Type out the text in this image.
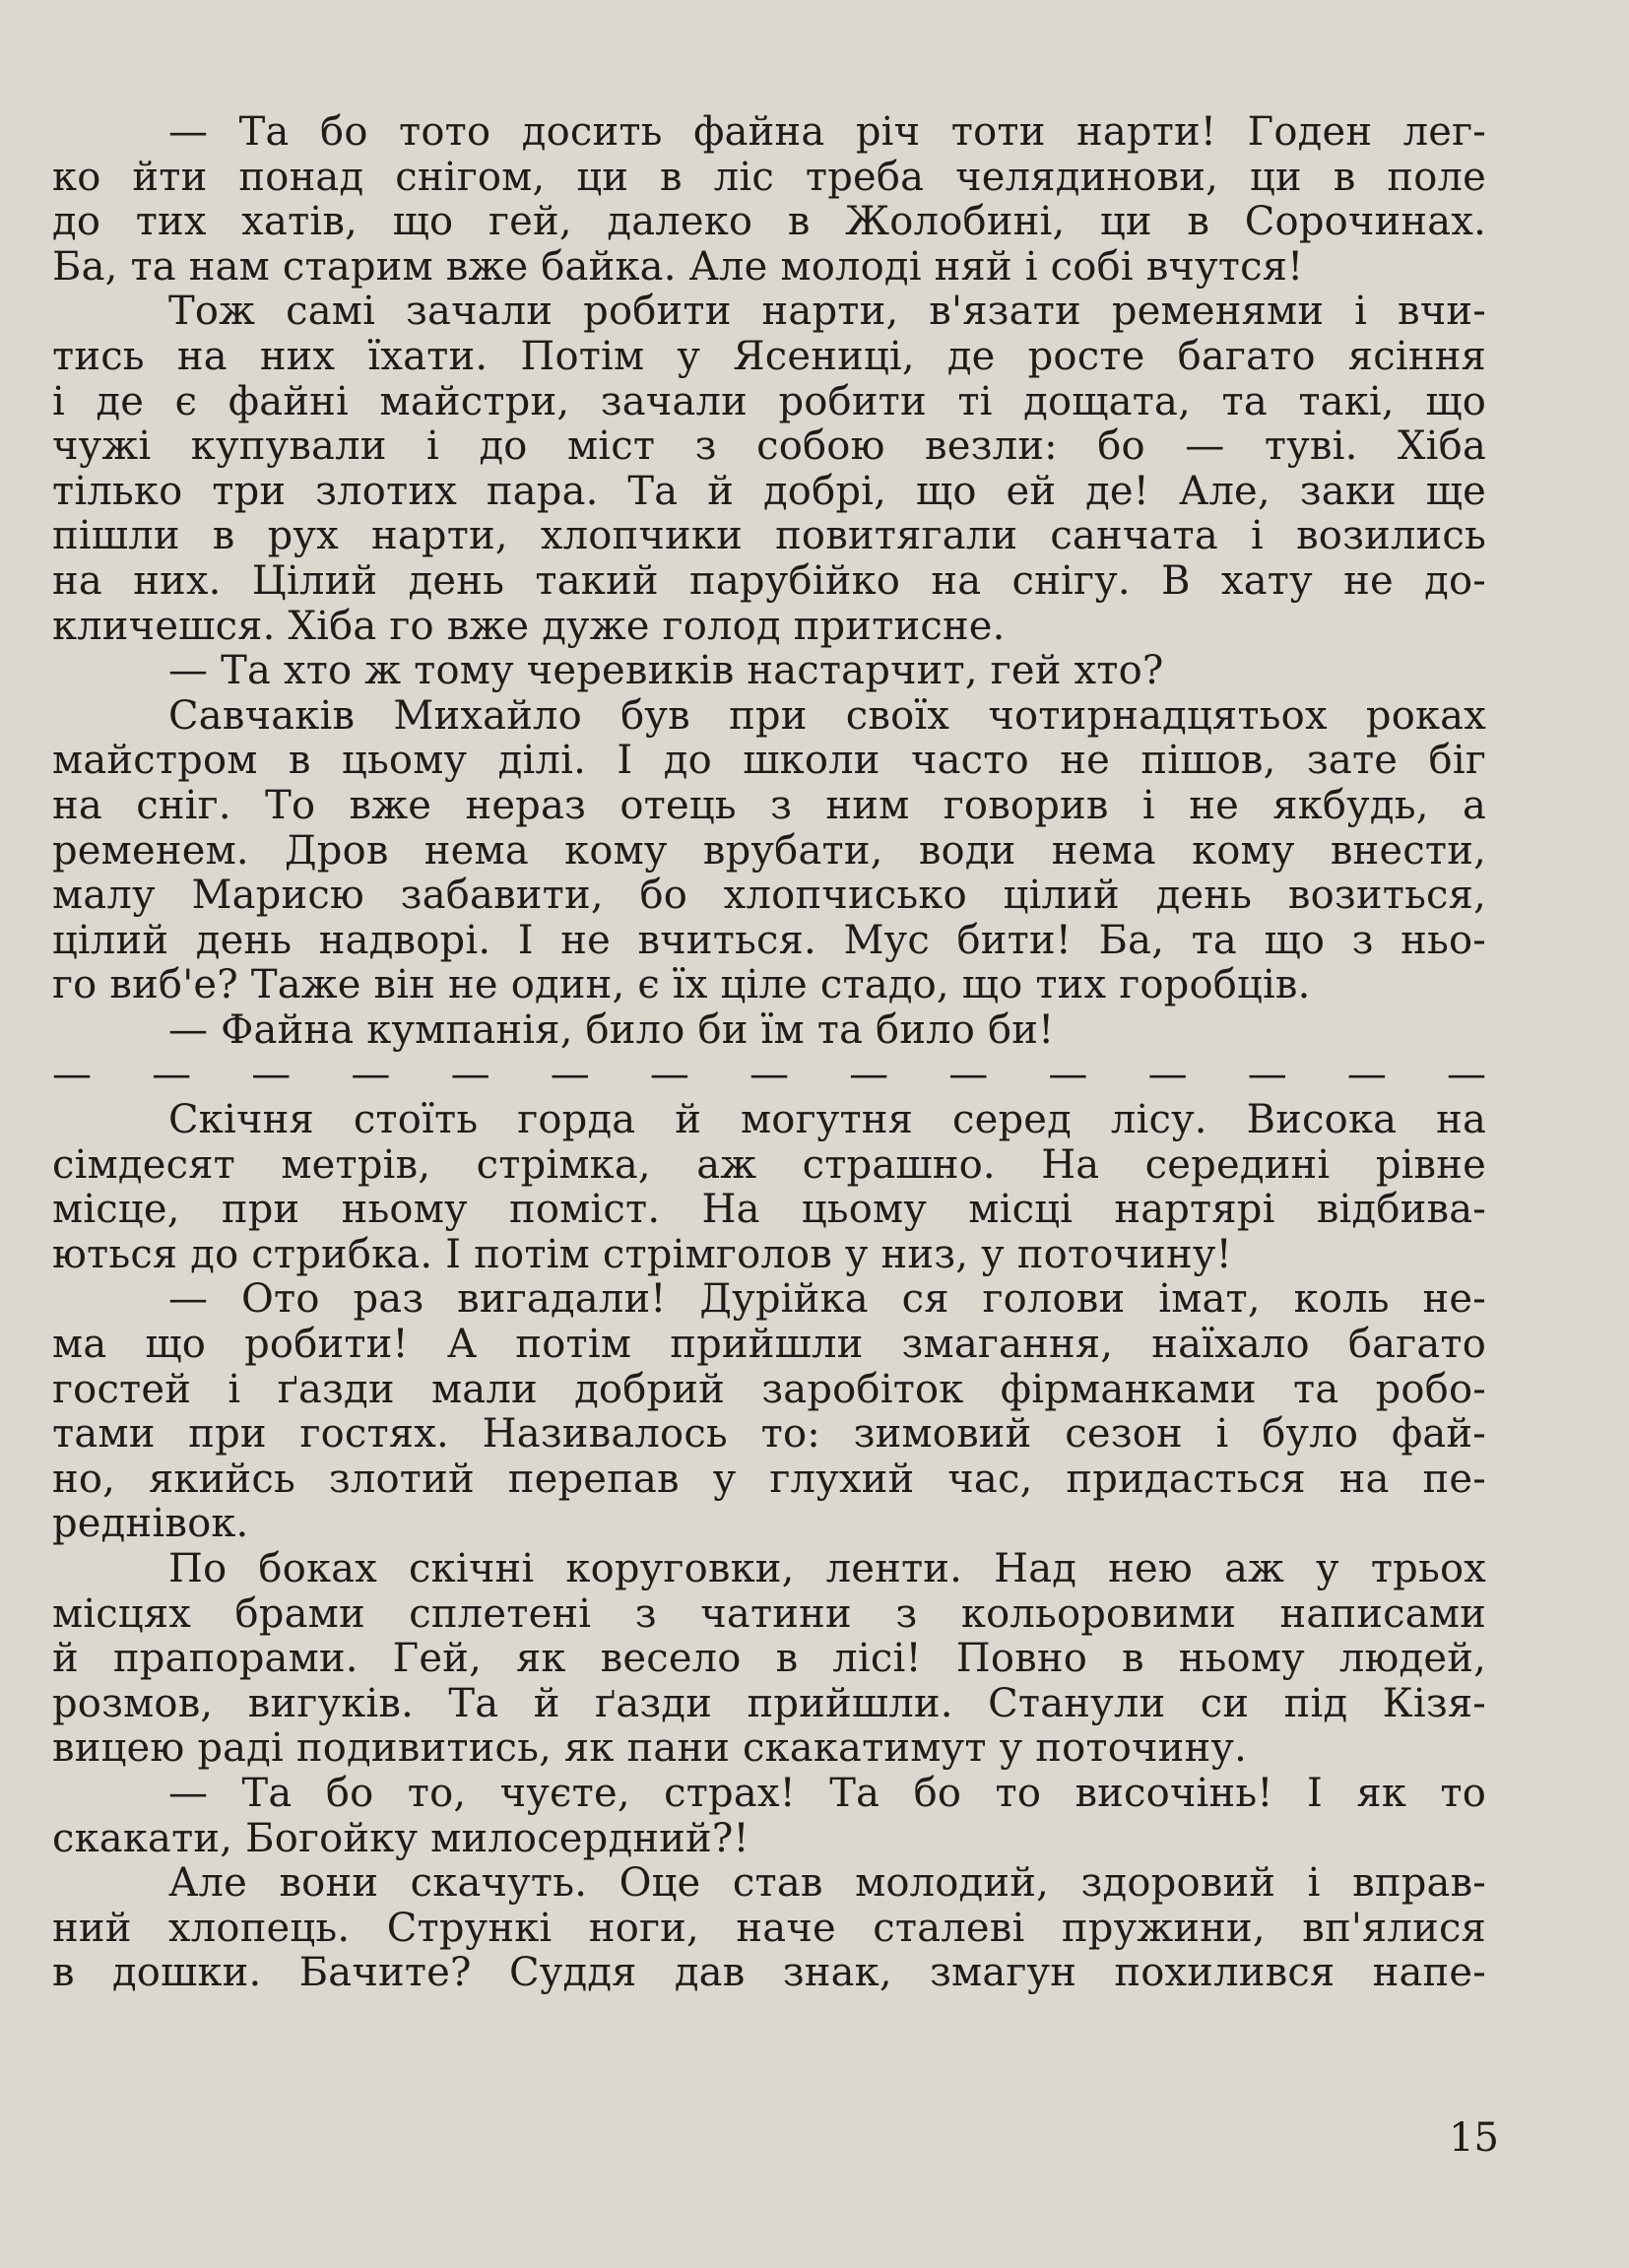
— Та бо тото досить файна річ тоти нарти! Годен лег-
ко йти понад снігом, ци в ліс треба челядинови, ци в поле
до тих хатів, що гей, далеко в Жолобині, ци в Сорочинах.
Ба, та нам старим вже байка. Але молоді няй і собі вчутся!
Тож самі зачали робити нарти, в'язати ременями і вчи-
тись на них їхати. Потім у Ясениці, де росте багато ясіння
і де є файні майстри, зачали робити ті дощата, та такі, що
чужі купували і до міст з собою везли: бо — туві. Хіба
тілько три злотих пара. Та й добрі, що ей де! Але, заки ще
пішли в рух нарти, хлопчики повитягали санчата і возились
на них. Цілий день такий парубійко на снігу. В хату не до-
кличешся. Хіба го вже дуже голод притисне.
— Та хто ж тому черевиків настарчит, гей хто?
Савчаків Михайло був при своїх чотирнадцятьох роках
майстром в цьому ділі. І до школи часто не пішов, зате біг
на сніг. То вже нераз отець з ним говорив і не якбудь, а
ременем. Дров нема кому врубати, води нема кому внести,
малу Марисю забавити, бо хлопчисько цілий день возиться,
цілий день надворі. І не вчиться. Мус бити! Ба, та що з ньо-
го виб'е? Таже він не один, є їх ціле стадо, що тих горобців.
— Файна кумпанія, било би їм та било би!
— — — — — — — — — — — — — — —
Скічня стоїть горда й могутня серед лісу. Висока на
сімдесят метрів, стрімка, аж страшно. На середині рівне
місце, при ньому поміст. На цьому місці нартярі відбива-
ються до стрибка. І потім стрімголов у низ, у поточину!
— Ото раз вигадали! Дурійка ся голови імат, коль не-
ма що робити! А потім прийшли змагання, наїхало багато
гостей і ґазди мали добрий заробіток фірманками та робо-
тами при гостях. Називалось то: зимовий сезон і було фай-
но, якийсь злотий перепав у глухий час, придасться на пе-
реднівок.
По боках скічні коруговки, ленти. Над нею аж у трьох
місцях брами сплетені з чатини з кольоровими написами
й прапорами. Гей, як весело в лісі! Повно в ньому людей,
розмов, вигуків. Та й ґазди прийшли. Станули си під Кізя-
вицею раді подивитись, як пани скакатимут у поточину.
— Та бо то, чуєте, страх! Та бо то височінь! І як то
скакати, Богойку милосердний?!
Але вони скачуть. Оце став молодий, здоровий і вправ-
ний хлопець. Стрункі ноги, наче сталеві пружини, вп'ялися
в дошки. Бачите? Суддя дав знак, змагун похилився напе-
15
